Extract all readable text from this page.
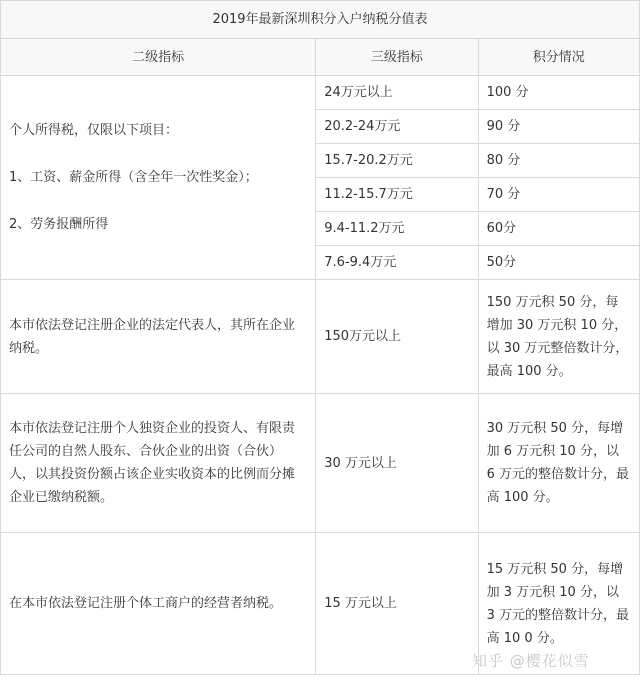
2019年最新深圳积分入户纳税分值表		
二级指标	三级指标	积分情况

个人所得税，仅限以下项目：

1、工资、薪金所得（含全年一次性奖金）；

2、劳务报酬所得	24万元以上	100 分
	20.2-24万元	90 分
	15.7-20.2万元	80 分
	11.2-15.7万元	70 分
	9.4-11.2万元	60分
	7.6-9.4万元	50分
本市依法登记注册企业的法定代表人，其所在企业纳税。	150万元以上	150 万元积 50 分，每增加 30 万元积 10 分，以 30 万元整倍数计分，最高 100 分。
本市依法登记注册个人独资企业的投资人、有限责任公司的自然人股东、合伙企业的出资（合伙）人，以其投资份额占该企业实收资本的比例而分摊企业已缴纳税额。	30 万元以上	30 万元积 50 分，每增加 6 万元积 10 分，以 6 万元的整倍数计分，最高 100 分。
在本市依法登记注册个体工商户的经营者纳税。	15 万元以上	15 万元积 50 分，每增加 3 万元积 10 分，以 3 万元的整倍数计分，最高 10 0 分。
知乎 @樱花似雪
